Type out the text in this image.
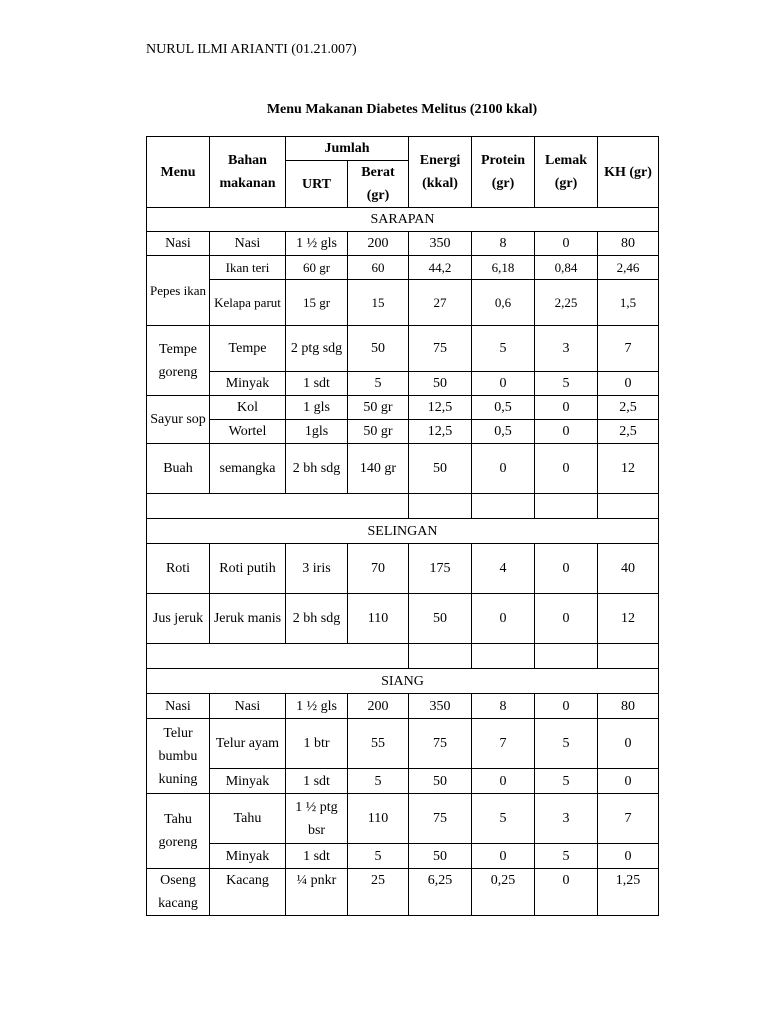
NURUL ILMI ARIANTI (01.21.007)
Menu Makanan Diabetes Melitus (2100 kkal)
Menu	Bahan makanan	Jumlah		Energi (kkal)	Protein (gr)	Lemak (gr)	KH (gr)
		URT	Berat (gr)				
SARAPAN							
Nasi	Nasi	1 ½ gls	200	350	8	0	80
Pepes ikan	Ikan teri	60 gr	60	44,2	6,18	0,84	2,46
	Kelapa parut	15 gr	15	27	0,6	2,25	1,5
Tempe goreng	Tempe	2 ptg sdg	50	75	5	3	7
	Minyak	1 sdt	5	50	0	5	0
Sayur sop	Kol	1 gls	50 gr	12,5	0,5	0	2,5
	Wortel	1gls	50 gr	12,5	0,5	0	2,5
Buah	semangka	2 bh sdg	140 gr	50	0	0	12

SELINGAN							
Roti	Roti putih	3 iris	70	175	4	0	40
Jus jeruk	Jeruk manis	2 bh sdg	110	50	0	0	12

SIANG							
Nasi	Nasi	1 ½ gls	200	350	8	0	80
Telur bumbu kuning	Telur ayam	1 btr	55	75	7	5	0
	Minyak	1 sdt	5	50	0	5	0
Tahu goreng	Tahu	1 ½ ptg bsr	110	75	5	3	7
	Minyak	1 sdt	5	50	0	5	0
Oseng kacang	Kacang	¼ pnkr	25	6,25	0,25	0	1,25
